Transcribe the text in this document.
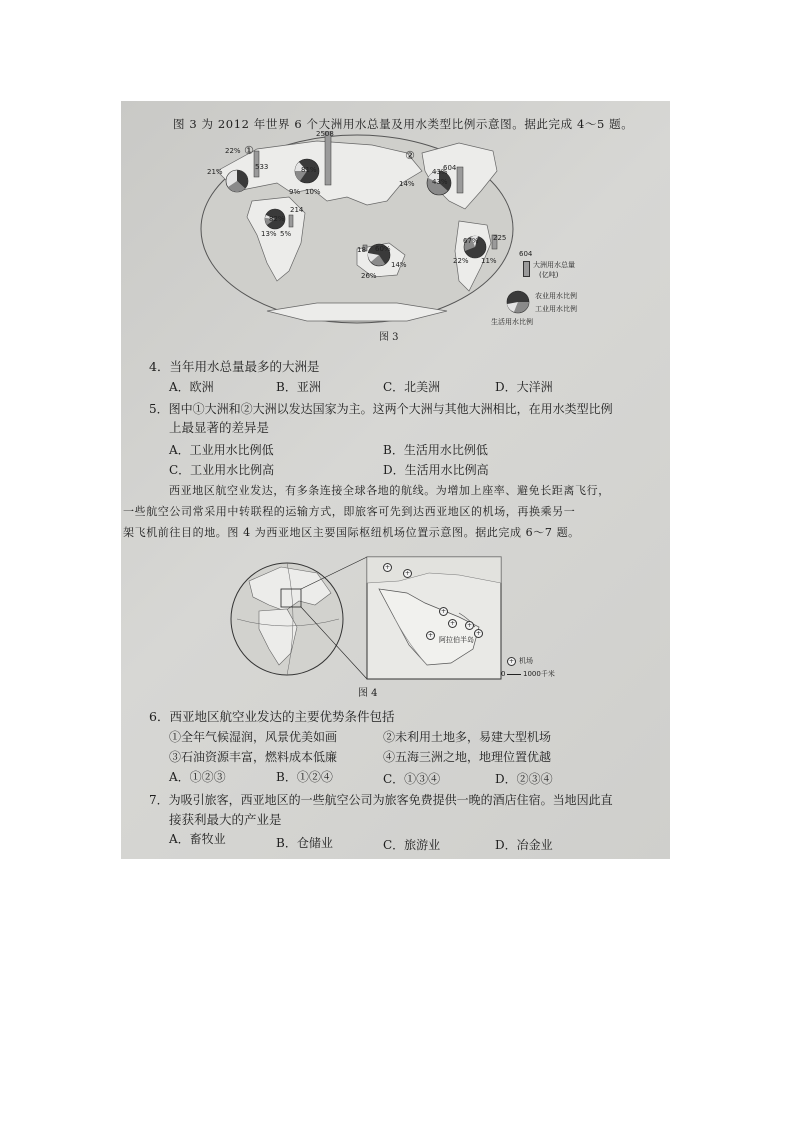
图 3 为 2012 年世界 6 个大洲用水总量及用水类型比例示意图。据此完成 4～5 题。
①	②
22%
21%
533
2508
81%
9% 10%
214
82%
13% 5%
604
43%
43%
14%
18 60%
14%
26%
225
67%
22% 11%
604
大洲用水总量
(亿吨)
农业用水比例
工业用水比例
生活用水比例
图 3
4．当年用水总量最多的大洲是
A．欧洲	B．亚洲	C．北美洲	D．大洋洲
5．图中①大洲和②大洲以发达国家为主。这两个大洲与其他大洲相比，在用水类型比例
上最显著的差异是
A．工业用水比例低	B．生活用水比例低
C．工业用水比例高	D．生活用水比例高
西亚地区航空业发达，有多条连接全球各地的航线。为增加上座率、避免长距离飞行，
一些航空公司常采用中转联程的运输方式，即旅客可先到达西亚地区的机场，再换乘另一
架飞机前往目的地。图 4 为西亚地区主要国际枢纽机场位置示意图。据此完成 6～7 题。
+
+
+
+	+
+
+
阿拉伯半岛
+ 机场
0	1000千米
图 4
6．西亚地区航空业发达的主要优势条件包括
①全年气候湿润，风景优美如画	②未利用土地多，易建大型机场
③石油资源丰富，燃料成本低廉	④五海三洲之地，地理位置优越
A．①②③	B．①②④	C．①③④	D．②③④
7．为吸引旅客，西亚地区的一些航空公司为旅客免费提供一晚的酒店住宿。当地因此直
接获利最大的产业是
A．畜牧业	B．仓储业	C．旅游业	D．冶金业
